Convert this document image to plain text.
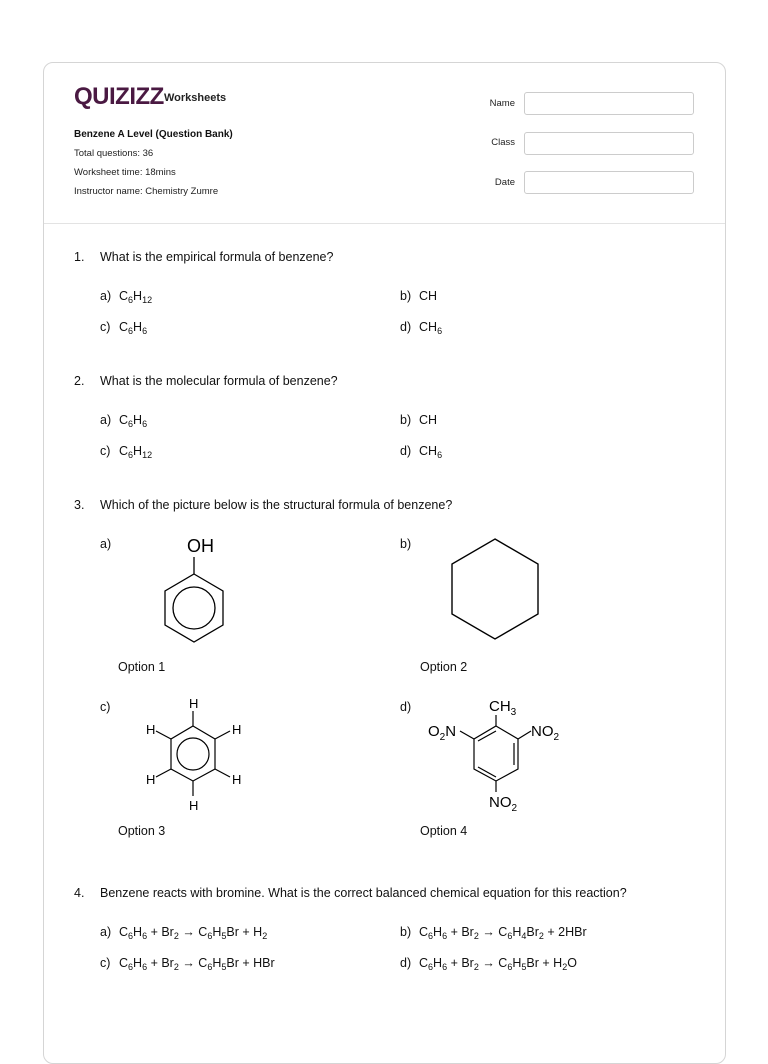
QUIZIZZ Worksheets
Benzene A Level (Question Bank)
Total questions: 36
Worksheet time: 18mins
Instructor name: Chemistry Zumre
Name
Class
Date
1. What is the empirical formula of benzene?
a) $C_6H_{12}$	b) CH
c) $C_6H_6$	d) $CH_6$
2. What is the molecular formula of benzene?
a) $C_6H_6$	b) CH
c) $C_6H_{12}$	d) $CH_6$
3. Which of the picture below is the structural formula of benzene?
a)	b)
c)	d)
OH
H
H	H
H	H
H
$CH_3$
$O_2N$	$NO_2$
$NO_2$
Option 1	Option 2
Option 3	Option 4
4. Benzene reacts with bromine. What is the correct balanced chemical equation for this reaction?
a) $C_6H_6 + Br_2 \to C_6H_5Br + H_2$	b) $C_6H_6 + Br_2 \to C_6H_4Br_2 + 2HBr$
c) $C_6H_6 + Br_2 \to C_6H_5Br$ + HBr	d) $C_6H_6 + Br_2 \to C_6H_5Br + H_2O$
